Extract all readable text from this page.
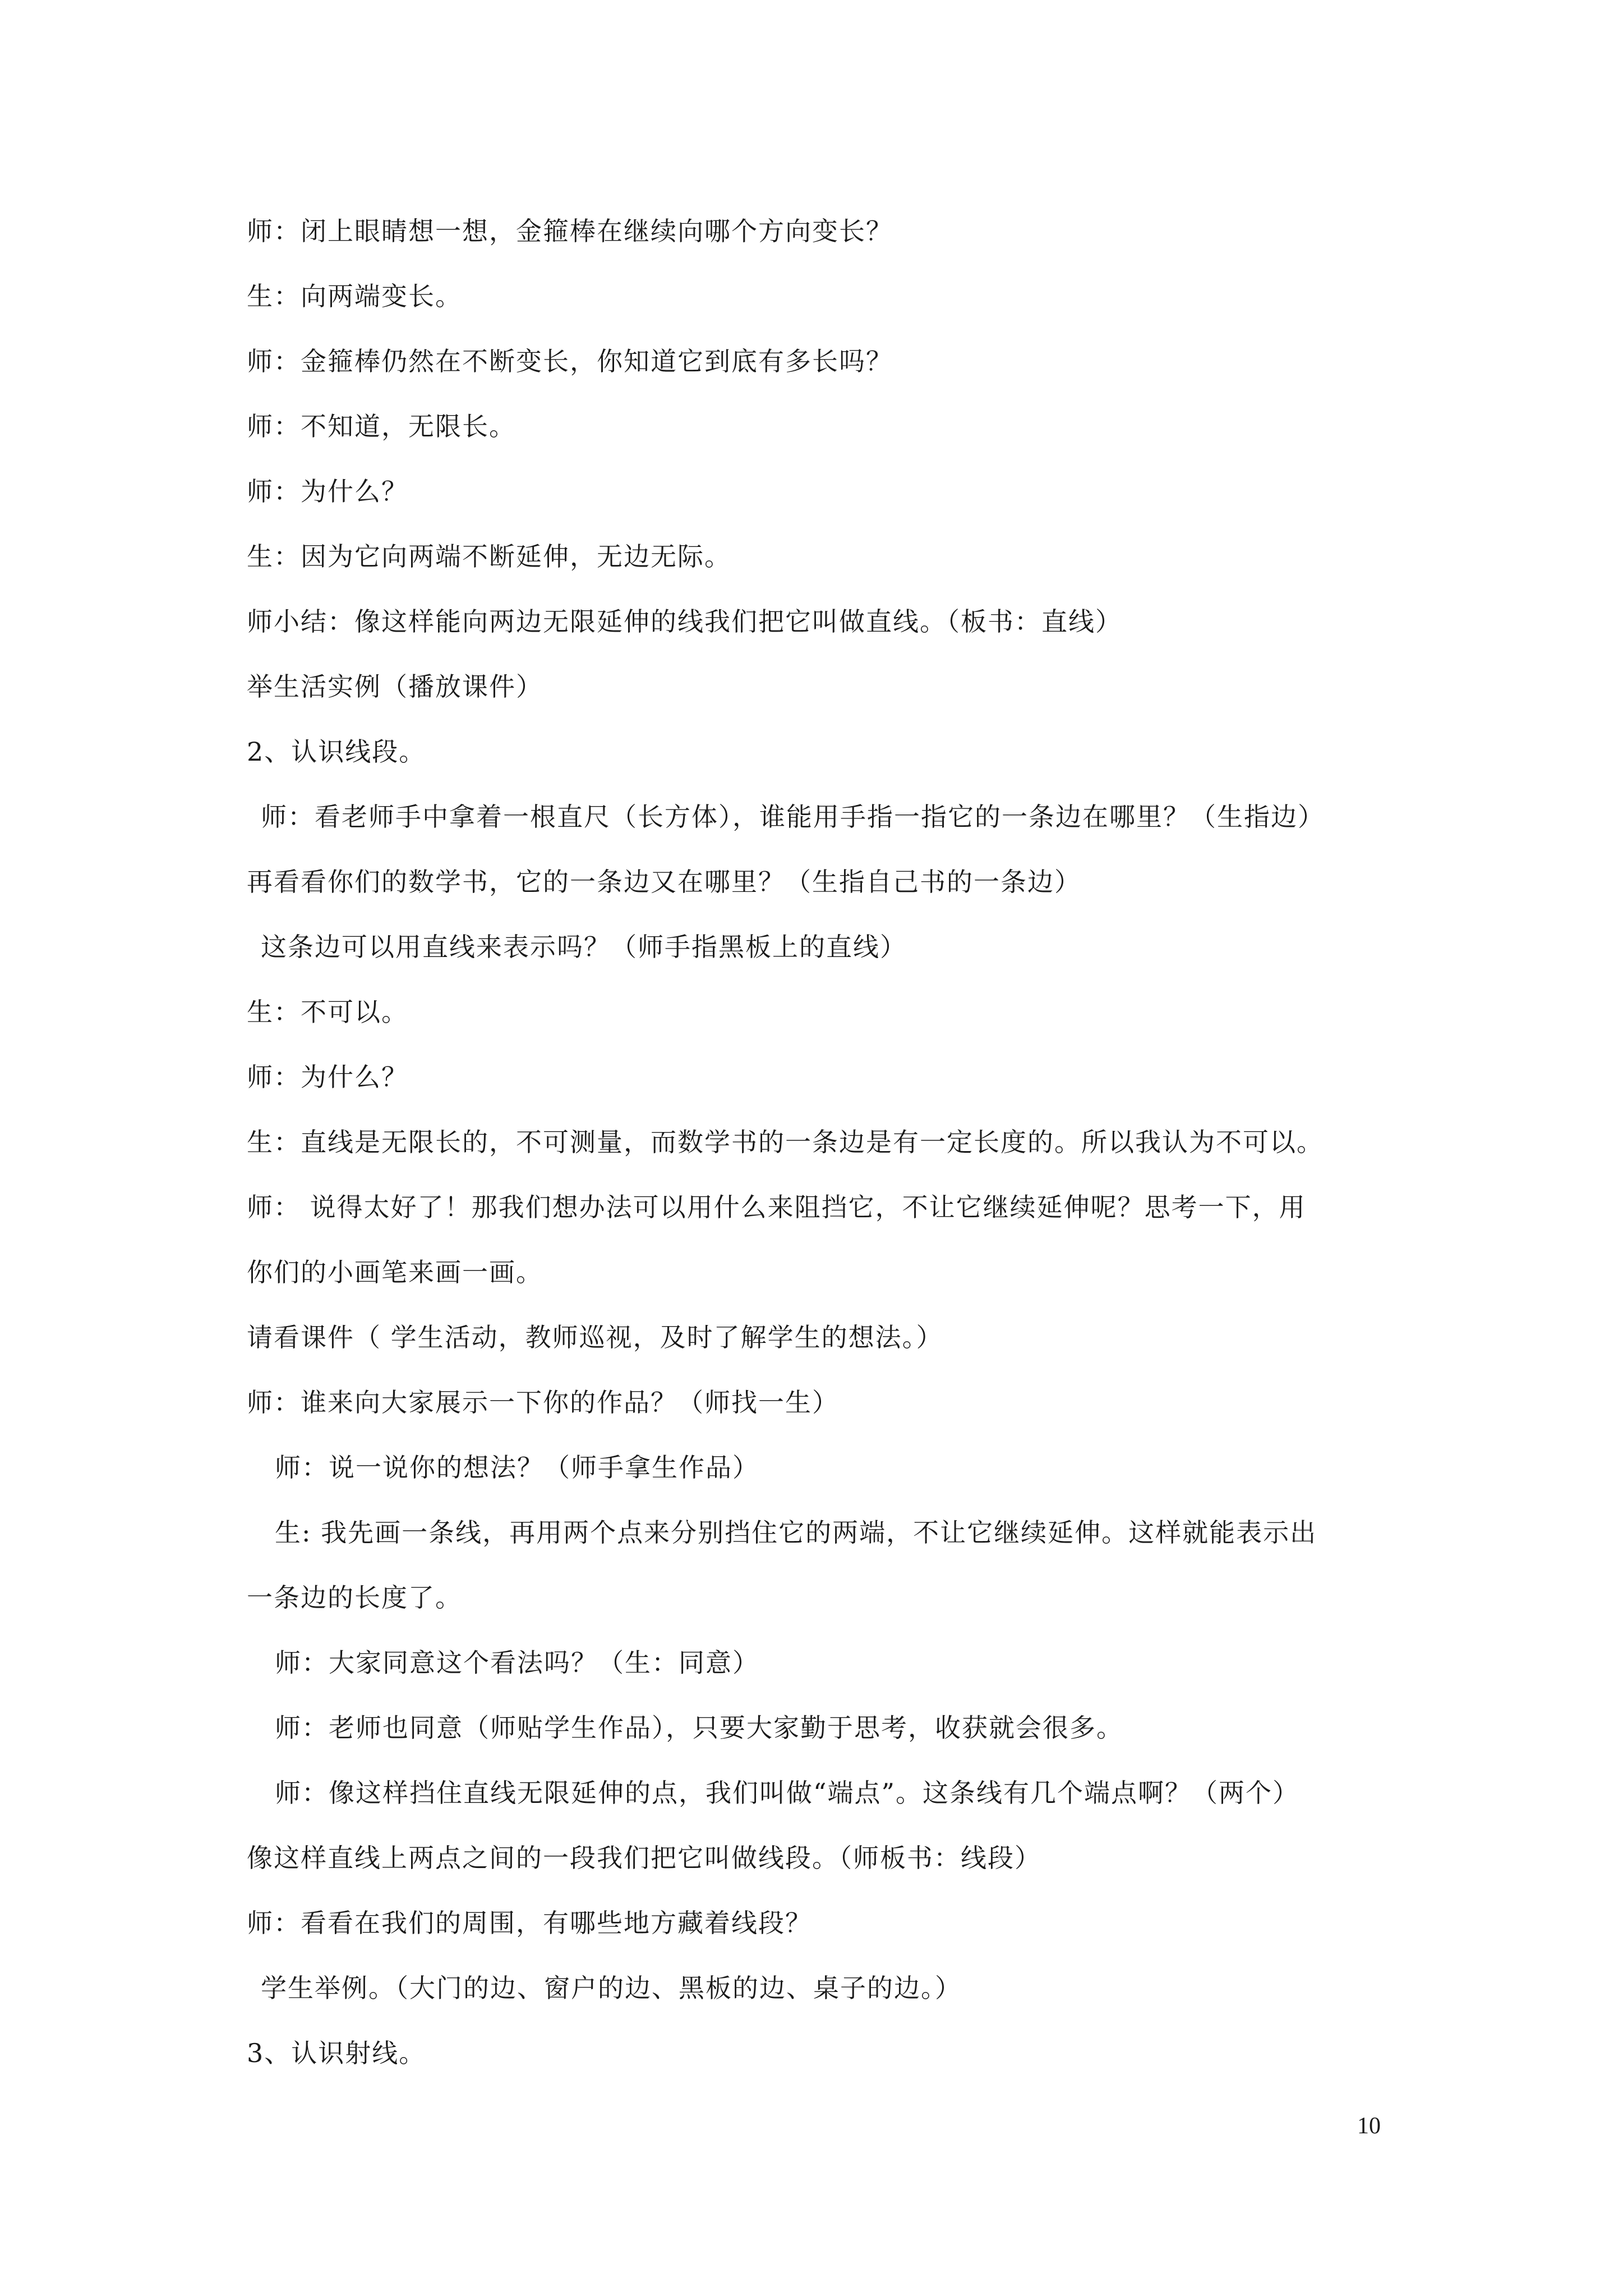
师：闭上眼睛想一想，金箍棒在继续向哪个方向变长？
生：向两端变长。
师：金箍棒仍然在不断变长，你知道它到底有多长吗？
师：不知道，无限长。
师：为什么？
生：因为它向两端不断延伸，无边无际。
师小结：像这样能向两边无限延伸的线我们把它叫做直线。（板书：直线）
举生活实例（播放课件）
2、认识线段。
师：看老师手中拿着一根直尺（长方体），谁能用手指一指它的一条边在哪里？（生指边）
再看看你们的数学书，它的一条边又在哪里？（生指自己书的一条边）
这条边可以用直线来表示吗？（师手指黑板上的直线）
生：不可以。
师：为什么？
生：直线是无限长的，不可测量，而数学书的一条边是有一定长度的。所以我认为不可以。
师： 说得太好了！那我们想办法可以用什么来阻挡它，不让它继续延伸呢？思考一下，用
你们的小画笔来画一画。
请看课件（ 学生活动，教师巡视，及时了解学生的想法。）
师：谁来向大家展示一下你的作品？（师找一生）
师：说一说你的想法？（师手拿生作品）
生: 我先画一条线，再用两个点来分别挡住它的两端，不让它继续延伸。这样就能表示出
一条边的长度了。
师：大家同意这个看法吗？（生：同意）
师：老师也同意（师贴学生作品），只要大家勤于思考，收获就会很多。
师：像这样挡住直线无限延伸的点，我们叫做“端点”。这条线有几个端点啊？（两个）
像这样直线上两点之间的一段我们把它叫做线段。（师板书：线段）
师：看看在我们的周围，有哪些地方藏着线段？
学生举例。（大门的边、窗户的边、黑板的边、桌子的边。）
3、认识射线。
10
